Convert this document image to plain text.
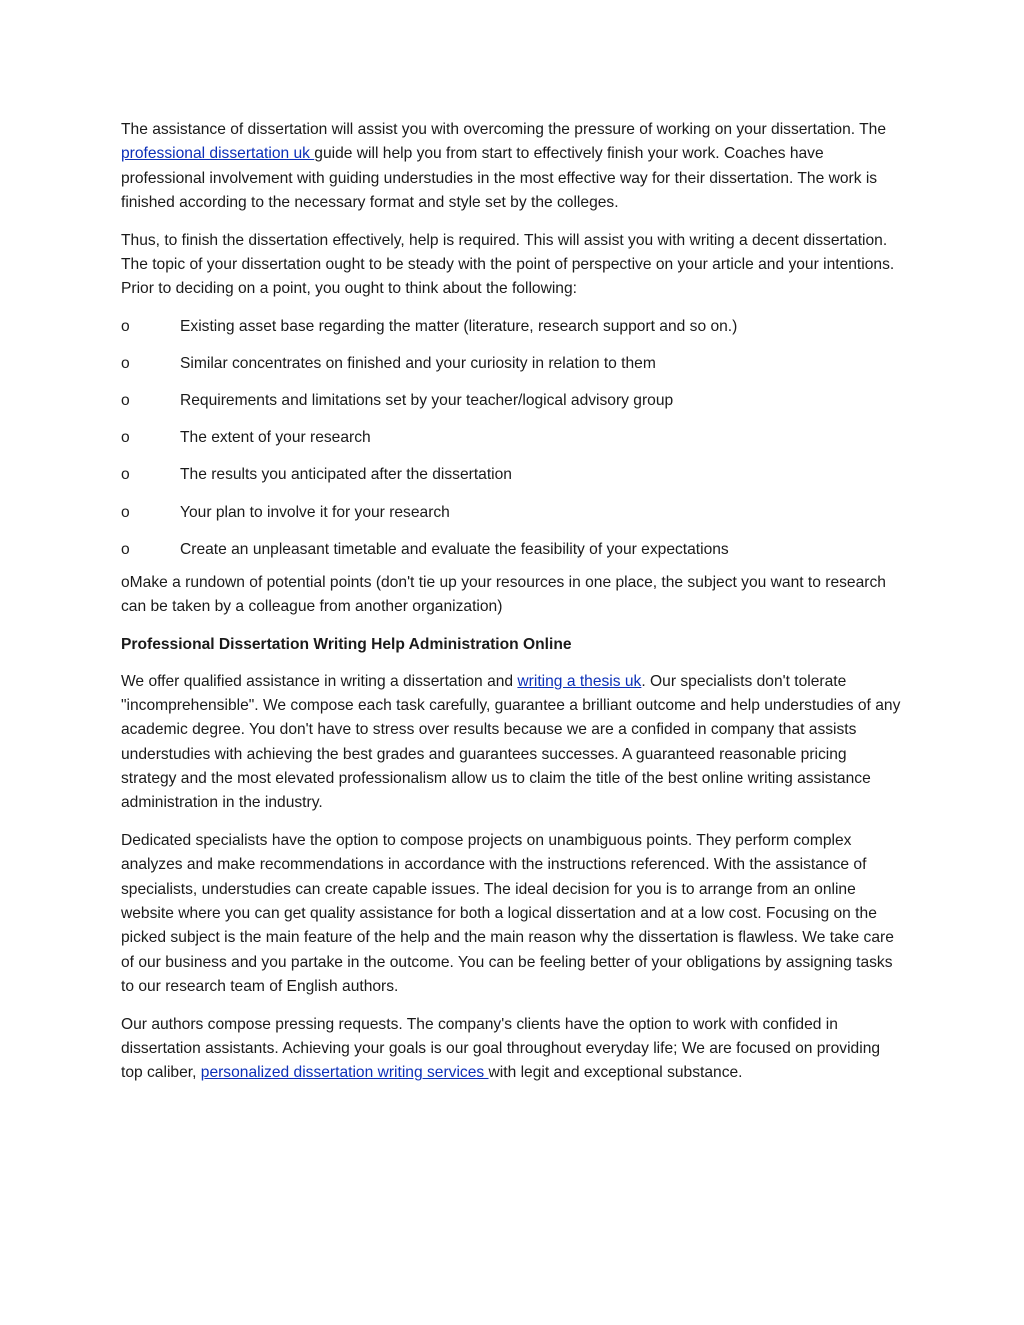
The assistance of dissertation will assist you with overcoming the pressure of working on your dissertation. The professional dissertation uk guide will help you from start to effectively finish your work. Coaches have professional involvement with guiding understudies in the most effective way for their dissertation. The work is finished according to the necessary format and style set by the colleges.

Thus, to finish the dissertation effectively, help is required. This will assist you with writing a decent dissertation. The topic of your dissertation ought to be steady with the point of perspective on your article and your intentions. Prior to deciding on a point, you ought to think about the following:

o	Existing asset base regarding the matter (literature, research support and so on.)
o	Similar concentrates on finished and your curiosity in relation to them
o	Requirements and limitations set by your teacher/logical advisory group
o	The extent of your research
o	The results you anticipated after the dissertation
o	Your plan to involve it for your research
o	Create an unpleasant timetable and evaluate the feasibility of your expectations

oMake a rundown of potential points (don't tie up your resources in one place, the subject you want to research can be taken by a colleague from another organization)

Professional Dissertation Writing Help Administration Online

We offer qualified assistance in writing a dissertation and writing a thesis uk. Our specialists don't tolerate "incomprehensible". We compose each task carefully, guarantee a brilliant outcome and help understudies of any academic degree. You don't have to stress over results because we are a confided in company that assists understudies with achieving the best grades and guarantees successes. A guaranteed reasonable pricing strategy and the most elevated professionalism allow us to claim the title of the best online writing assistance administration in the industry.

Dedicated specialists have the option to compose projects on unambiguous points. They perform complex analyzes and make recommendations in accordance with the instructions referenced. With the assistance of specialists, understudies can create capable issues. The ideal decision for you is to arrange from an online website where you can get quality assistance for both a logical dissertation and at a low cost. Focusing on the picked subject is the main feature of the help and the main reason why the dissertation is flawless. We take care of our business and you partake in the outcome. You can be feeling better of your obligations by assigning tasks to our research team of English authors.

Our authors compose pressing requests. The company's clients have the option to work with confided in dissertation assistants. Achieving your goals is our goal throughout everyday life; We are focused on providing top caliber, personalized dissertation writing services with legit and exceptional substance.
